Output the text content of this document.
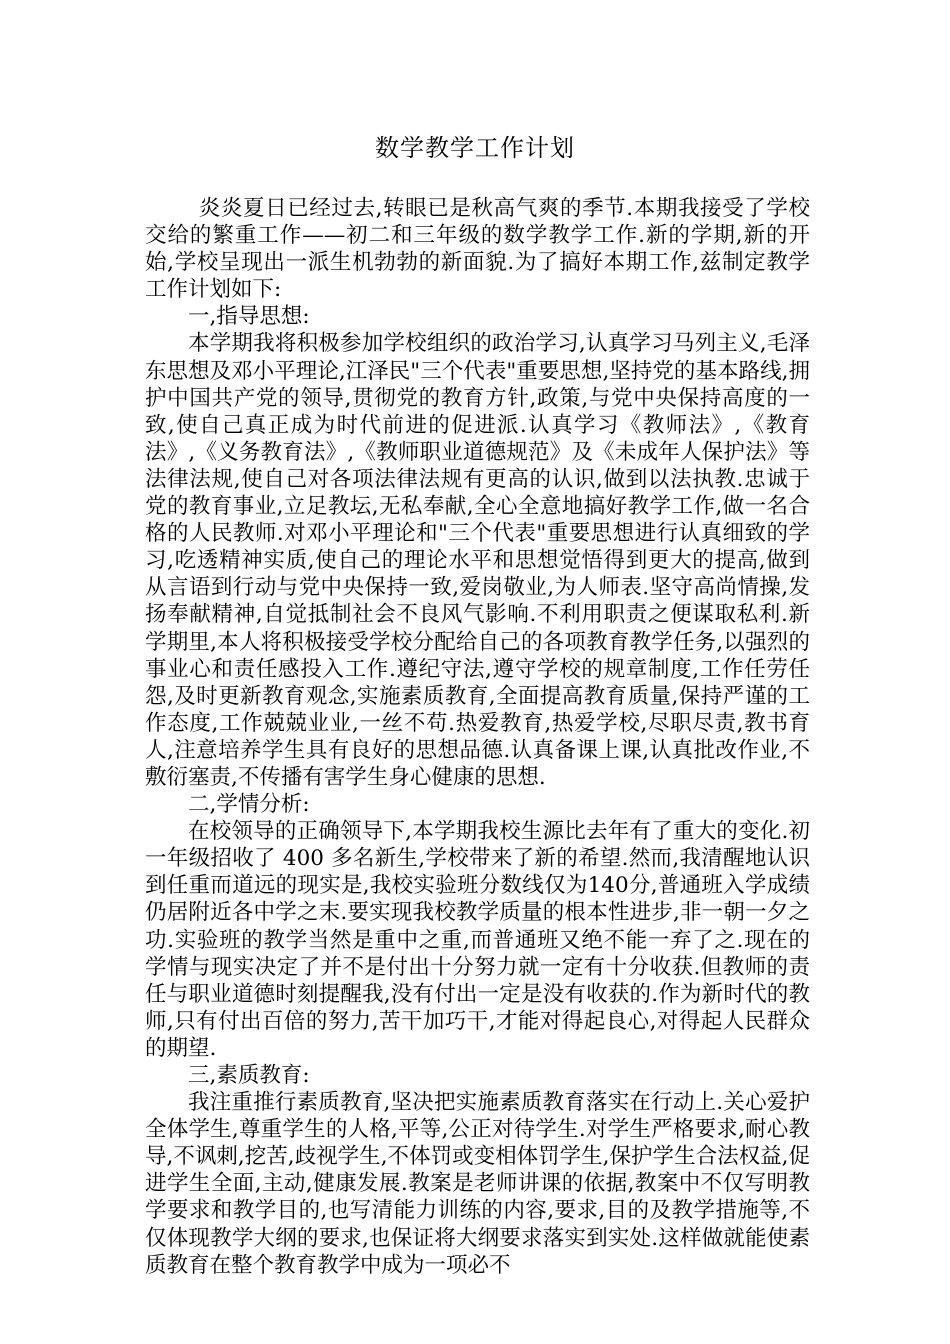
数学教学工作计划

炎炎夏日已经过去,转眼已是秋高气爽的季节.本期我接受了学校交给的繁重工作——初二和三年级的数学教学工作.新的学期,新的开始,学校呈现出一派生机勃勃的新面貌.为了搞好本期工作,兹制定教学工作计划如下:

一,指导思想:

本学期我将积极参加学校组织的政治学习,认真学习马列主义,毛泽东思想及邓小平理论,江泽民"三个代表"重要思想,坚持党的基本路线,拥护中国共产党的领导,贯彻党的教育方针,政策,与党中央保持高度的一致,使自己真正成为时代前进的促进派.认真学习《教师法》,《教育法》,《义务教育法》,《教师职业道德规范》及《未成年人保护法》等法律法规,使自己对各项法律法规有更高的认识,做到以法执教.忠诚于党的教育事业,立足教坛,无私奉献,全心全意地搞好教学工作,做一名合格的人民教师.对邓小平理论和"三个代表"重要思想进行认真细致的学习,吃透精神实质,使自己的理论水平和思想觉悟得到更大的提高,做到从言语到行动与党中央保持一致,爱岗敬业,为人师表.坚守高尚情操,发扬奉献精神,自觉抵制社会不良风气影响.不利用职责之便谋取私利.新学期里,本人将积极接受学校分配给自己的各项教育教学任务,以强烈的事业心和责任感投入工作.遵纪守法,遵守学校的规章制度,工作任劳任怨,及时更新教育观念,实施素质教育,全面提高教育质量,保持严谨的工作态度,工作兢兢业业,一丝不苟.热爱教育,热爱学校,尽职尽责,教书育人,注意培养学生具有良好的思想品德.认真备课上课,认真批改作业,不敷衍塞责,不传播有害学生身心健康的思想.

二,学情分析:

在校领导的正确领导下,本学期我校生源比去年有了重大的变化.初一年级招收了 400 多名新生,学校带来了新的希望.然而,我清醒地认识到任重而道远的现实是,我校实验班分数线仅为140分,普通班入学成绩仍居附近各中学之末.要实现我校教学质量的根本性进步,非一朝一夕之功.实验班的教学当然是重中之重,而普通班又绝不能一弃了之.现在的学情与现实决定了并不是付出十分努力就一定有十分收获.但教师的责任与职业道德时刻提醒我,没有付出一定是没有收获的.作为新时代的教师,只有付出百倍的努力,苦干加巧干,才能对得起良心,对得起人民群众的期望.

三,素质教育:

我注重推行素质教育,坚决把实施素质教育落实在行动上.关心爱护全体学生,尊重学生的人格,平等,公正对待学生.对学生严格要求,耐心教导,不讽刺,挖苦,歧视学生,不体罚或变相体罚学生,保护学生合法权益,促进学生全面,主动,健康发展.教案是老师讲课的依据,教案中不仅写明教学要求和教学目的,也写清能力训练的内容,要求,目的及教学措施等,不仅体现教学大纲的要求,也保证将大纲要求落实到实处.这样做就能使素质教育在整个教育教学中成为一项必不
